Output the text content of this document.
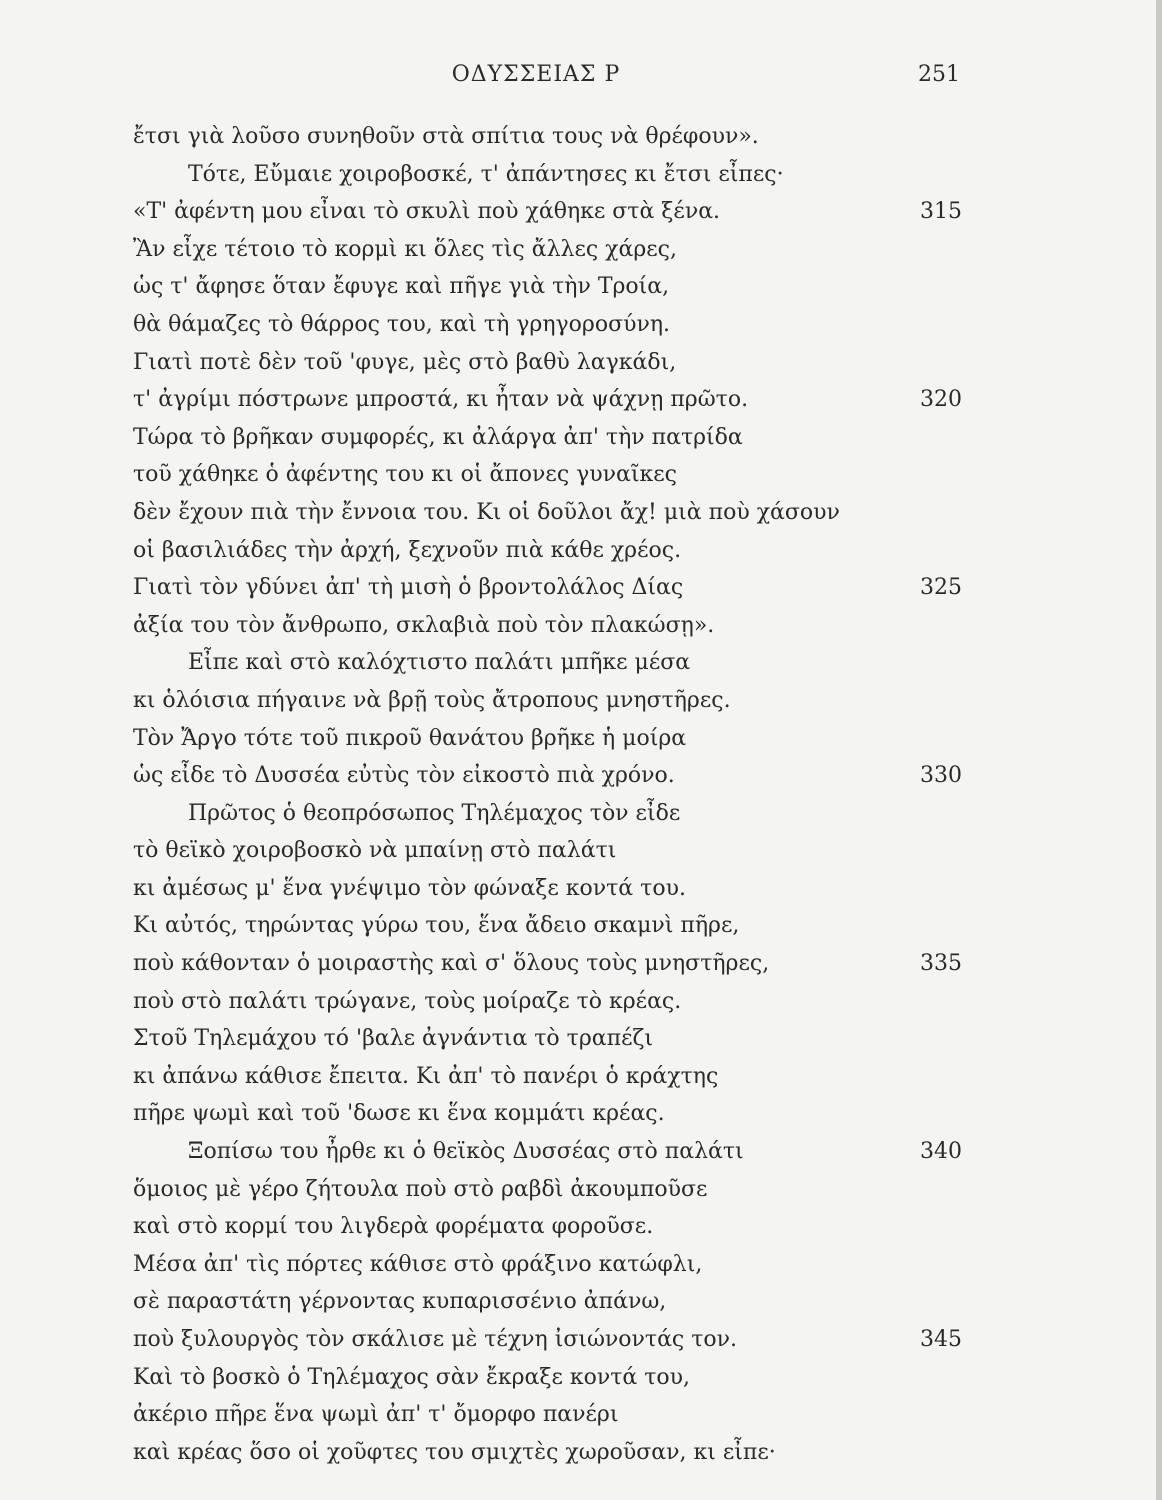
ΟΔΥΣΣΕΙΑΣ Ρ	251
ἔτσι γιὰ λοῦσο συνηθοῦν στὰ σπίτια τους νὰ θρέφουν».
Τότε, Εὔμαιε χοιροβοσκέ, τ' ἀπάντησες κι ἔτσι εἶπες·
«Τ' ἀφέντη μου εἶναι τὸ σκυλὶ ποὺ χάθηκε στὰ ξένα.	315
Ἂν εἶχε τέτοιο τὸ κορμὶ κι ὅλες τὶς ἄλλες χάρες,
ὡς τ' ἄφησε ὅταν ἔφυγε καὶ πῆγε γιὰ τὴν Τροία,
θὰ θάμαζες τὸ θάρρος του, καὶ τὴ γρηγοροσύνη.
Γιατὶ ποτὲ δὲν τοῦ 'φυγε, μὲς στὸ βαθὺ λαγκάδι,
τ' ἀγρίμι πόστρωνε μπροστά, κι ἦταν νὰ ψάχνῃ πρῶτο.	320
Τώρα τὸ βρῆκαν συμφορές, κι ἀλάργα ἀπ' τὴν πατρίδα
τοῦ χάθηκε ὁ ἀφέντης του κι οἱ ἄπονες γυναῖκες
δὲν ἔχουν πιὰ τὴν ἔννοια του. Κι οἱ δοῦλοι ἄχ! μιὰ ποὺ χάσουν
οἱ βασιλιάδες τὴν ἀρχή, ξεχνοῦν πιὰ κάθε χρέος.
Γιατὶ τὸν γδύνει ἀπ' τὴ μισὴ ὁ βροντολάλος Δίας	325
ἀξία του τὸν ἄνθρωπο, σκλαβιὰ ποὺ τὸν πλακώσῃ».
Εἶπε καὶ στὸ καλόχτιστο παλάτι μπῆκε μέσα
κι ὁλόισια πήγαινε νὰ βρῇ τοὺς ἄτροπους μνηστῆρες.
Τὸν Ἄργο τότε τοῦ πικροῦ θανάτου βρῆκε ἡ μοίρα
ὡς εἶδε τὸ Δυσσέα εὐτὺς τὸν εἰκοστὸ πιὰ χρόνο.	330
Πρῶτος ὁ θεοπρόσωπος Τηλέμαχος τὸν εἶδε
τὸ θεϊκὸ χοιροβοσκὸ νὰ μπαίνῃ στὸ παλάτι
κι ἀμέσως μ' ἕνα γνέψιμο τὸν φώναξε κοντά του.
Κι αὐτός, τηρώντας γύρω του, ἕνα ἄδειο σκαμνὶ πῆρε,
ποὺ κάθονταν ὁ μοιραστὴς καὶ σ' ὅλους τοὺς μνηστῆρες,	335
ποὺ στὸ παλάτι τρώγανε, τοὺς μοίραζε τὸ κρέας.
Στοῦ Τηλεμάχου τό 'βαλε ἀγνάντια τὸ τραπέζι
κι ἀπάνω κάθισε ἔπειτα. Κι ἀπ' τὸ πανέρι ὁ κράχτης
πῆρε ψωμὶ καὶ τοῦ 'δωσε κι ἕνα κομμάτι κρέας.
Ξοπίσω του ἦρθε κι ὁ θεϊκὸς Δυσσέας στὸ παλάτι	340
ὅμοιος μὲ γέρο ζήτουλα ποὺ στὸ ραβδὶ ἀκουμποῦσε
καὶ στὸ κορμί του λιγδερὰ φορέματα φοροῦσε.
Μέσα ἀπ' τὶς πόρτες κάθισε στὸ φράξινο κατώφλι,
σὲ παραστάτη γέρνοντας κυπαρισσένιο ἀπάνω,
ποὺ ξυλουργὸς τὸν σκάλισε μὲ τέχνη ἰσιώνοντάς τον.	345
Καὶ τὸ βοσκὸ ὁ Τηλέμαχος σὰν ἔκραξε κοντά του,
ἀκέριο πῆρε ἕνα ψωμὶ ἀπ' τ' ὄμορφο πανέρι
καὶ κρέας ὅσο οἱ χοῦφτες του σμιχτὲς χωροῦσαν, κι εἶπε·
